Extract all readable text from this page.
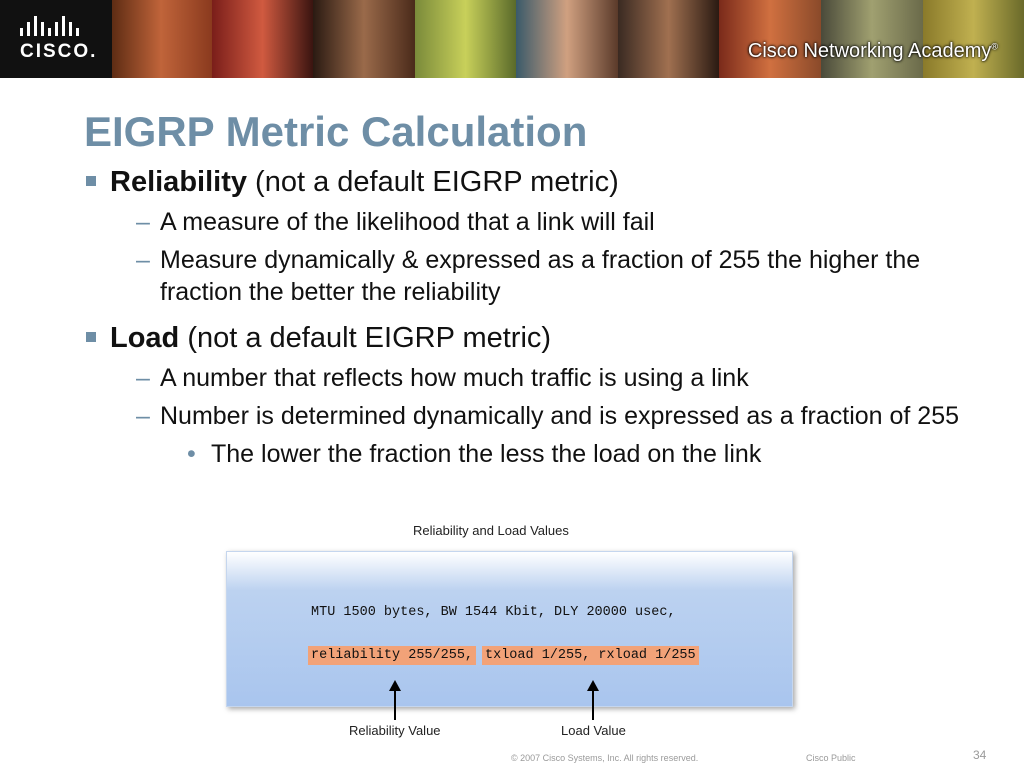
CISCO.	Cisco Networking Academy®
EIGRP Metric Calculation
Reliability (not a default EIGRP metric)
– A measure of the likelihood that a link will fail
– Measure dynamically & expressed as a fraction of 255 the higher the fraction the better the reliability
Load (not a default EIGRP metric)
– A number that reflects how much traffic is using a link
– Number is determined dynamically and is expressed as a fraction of 255
• The lower the fraction the less the load on the link
Reliability and Load Values
MTU 1500 bytes, BW 1544 Kbit, DLY 20000 usec,
reliability 255/255, txload 1/255, rxload 1/255
Reliability Value	Load Value
© 2007 Cisco Systems, Inc. All rights reserved.	Cisco Public	34
